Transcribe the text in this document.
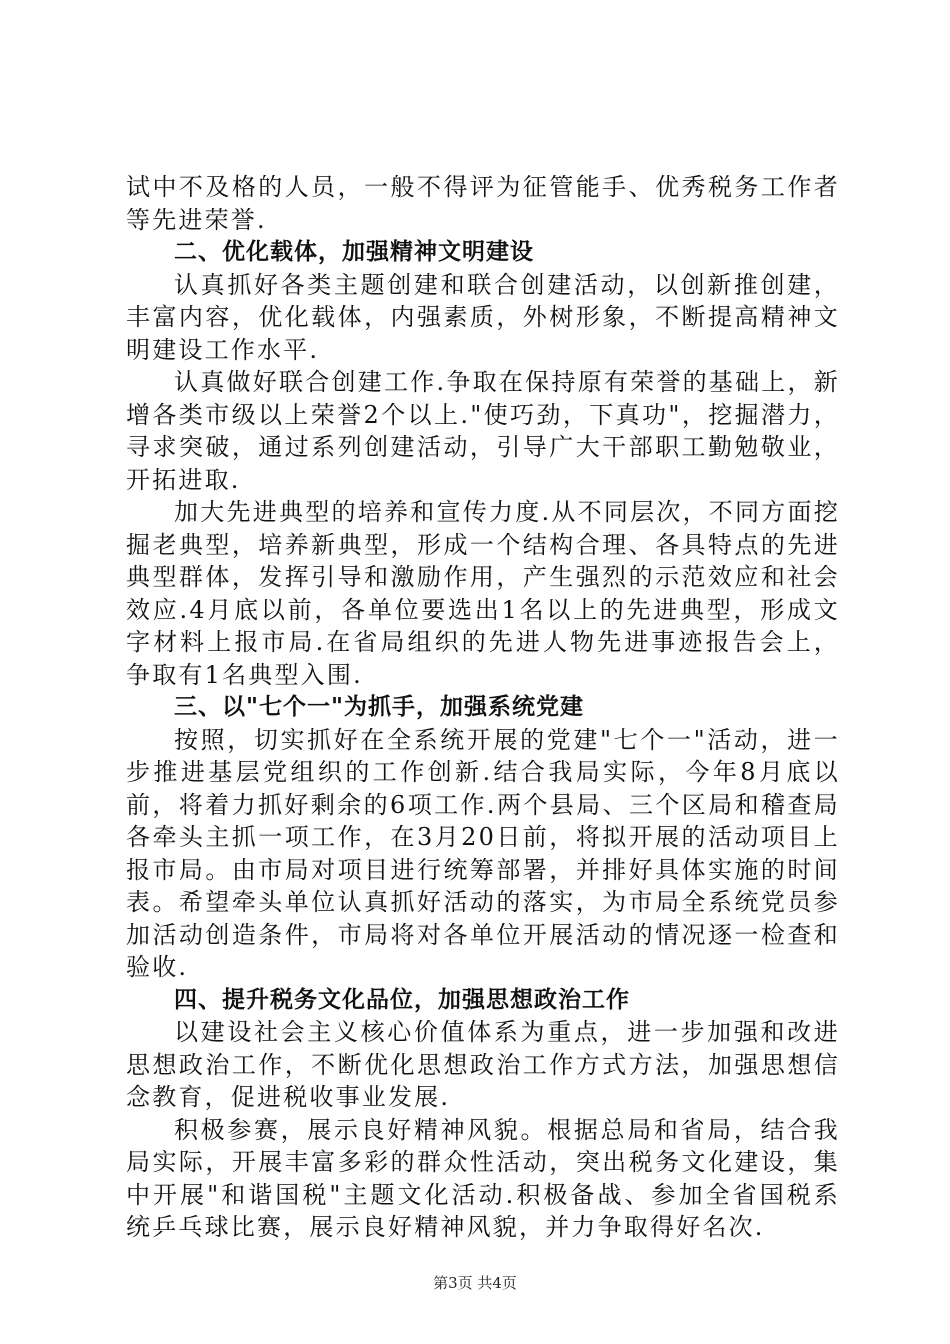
试中不及格的人员，一般不得评为征管能手、优秀税务工作者等先进荣誉.

二、优化载体，加强精神文明建设

认真抓好各类主题创建和联合创建活动，以创新推创建，丰富内容，优化载体，内强素质，外树形象，不断提高精神文明建设工作水平.

认真做好联合创建工作.争取在保持原有荣誉的基础上，新增各类市级以上荣誉2个以上."使巧劲，下真功"，挖掘潜力，寻求突破，通过系列创建活动，引导广大干部职工勤勉敬业，开拓进取.

加大先进典型的培养和宣传力度.从不同层次，不同方面挖掘老典型，培养新典型，形成一个结构合理、各具特点的先进典型群体，发挥引导和激励作用，产生强烈的示范效应和社会效应.4月底以前，各单位要选出1名以上的先进典型，形成文字材料上报市局.在省局组织的先进人物先进事迹报告会上，争取有1名典型入围.

三、以"七个一"为抓手，加强系统党建

按照，切实抓好在全系统开展的党建"七个一"活动，进一步推进基层党组织的工作创新.结合我局实际，今年8月底以前，将着力抓好剩余的6项工作.两个县局、三个区局和稽查局各牵头主抓一项工作，在3月20日前，将拟开展的活动项目上报市局。由市局对项目进行统筹部署，并排好具体实施的时间表。希望牵头单位认真抓好活动的落实，为市局全系统党员参加活动创造条件，市局将对各单位开展活动的情况逐一检查和验收.

四、提升税务文化品位，加强思想政治工作

以建设社会主义核心价值体系为重点，进一步加强和改进思想政治工作，不断优化思想政治工作方式方法，加强思想信念教育，促进税收事业发展.

积极参赛，展示良好精神风貌。根据总局和省局，结合我局实际，开展丰富多彩的群众性活动，突出税务文化建设，集中开展"和谐国税"主题文化活动.积极备战、参加全省国税系统乒乓球比赛，展示良好精神风貌，并力争取得好名次.

第3页 共4页
